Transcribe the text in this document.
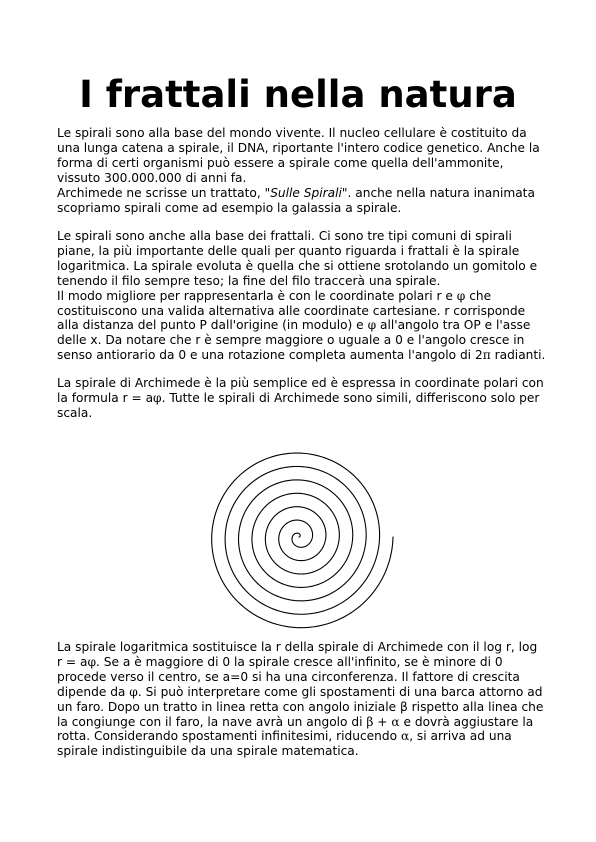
I frattali nella natura

Le spirali sono alla base del mondo vivente. Il nucleo cellulare è costituito da
una lunga catena a spirale, il DNA, riportante l'intero codice genetico. Anche la
forma di certi organismi può essere a spirale come quella dell'ammonite,
vissuto 300.000.000 di anni fa.
Archimede ne scrisse un trattato, "Sulle Spirali". anche nella natura inanimata
scopriamo spirali come ad esempio la galassia a spirale.

Le spirali sono anche alla base dei frattali. Ci sono tre tipi comuni di spirali
piane, la più importante delle quali per quanto riguarda i frattali è la spirale
logaritmica. La spirale evoluta è quella che si ottiene srotolando un gomitolo e
tenendo il filo sempre teso; la fine del filo traccerà una spirale.
Il modo migliore per rappresentarla è con le coordinate polari r e φ che
costituiscono una valida alternativa alle coordinate cartesiane. r corrisponde
alla distanza del punto P dall'origine (in modulo) e φ all'angolo tra OP e l'asse
delle x. Da notare che r è sempre maggiore o uguale a 0 e l'angolo cresce in
senso antiorario da 0 e una rotazione completa aumenta l'angolo di 2π radianti.

La spirale di Archimede è la più semplice ed è espressa in coordinate polari con
la formula r = aφ. Tutte le spirali di Archimede sono simili, differiscono solo per
scala.

La spirale logaritmica sostituisce la r della spirale di Archimede con il log r, log
r = aφ. Se a è maggiore di 0 la spirale cresce all'infinito, se è minore di 0
procede verso il centro, se a=0 si ha una circonferenza. Il fattore di crescita
dipende da φ. Si può interpretare come gli spostamenti di una barca attorno ad
un faro. Dopo un tratto in linea retta con angolo iniziale β rispetto alla linea che
la congiunge con il faro, la nave avrà un angolo di β + α e dovrà aggiustare la
rotta. Considerando spostamenti infinitesimi, riducendo α, si arriva ad una
spirale indistinguibile da una spirale matematica.
